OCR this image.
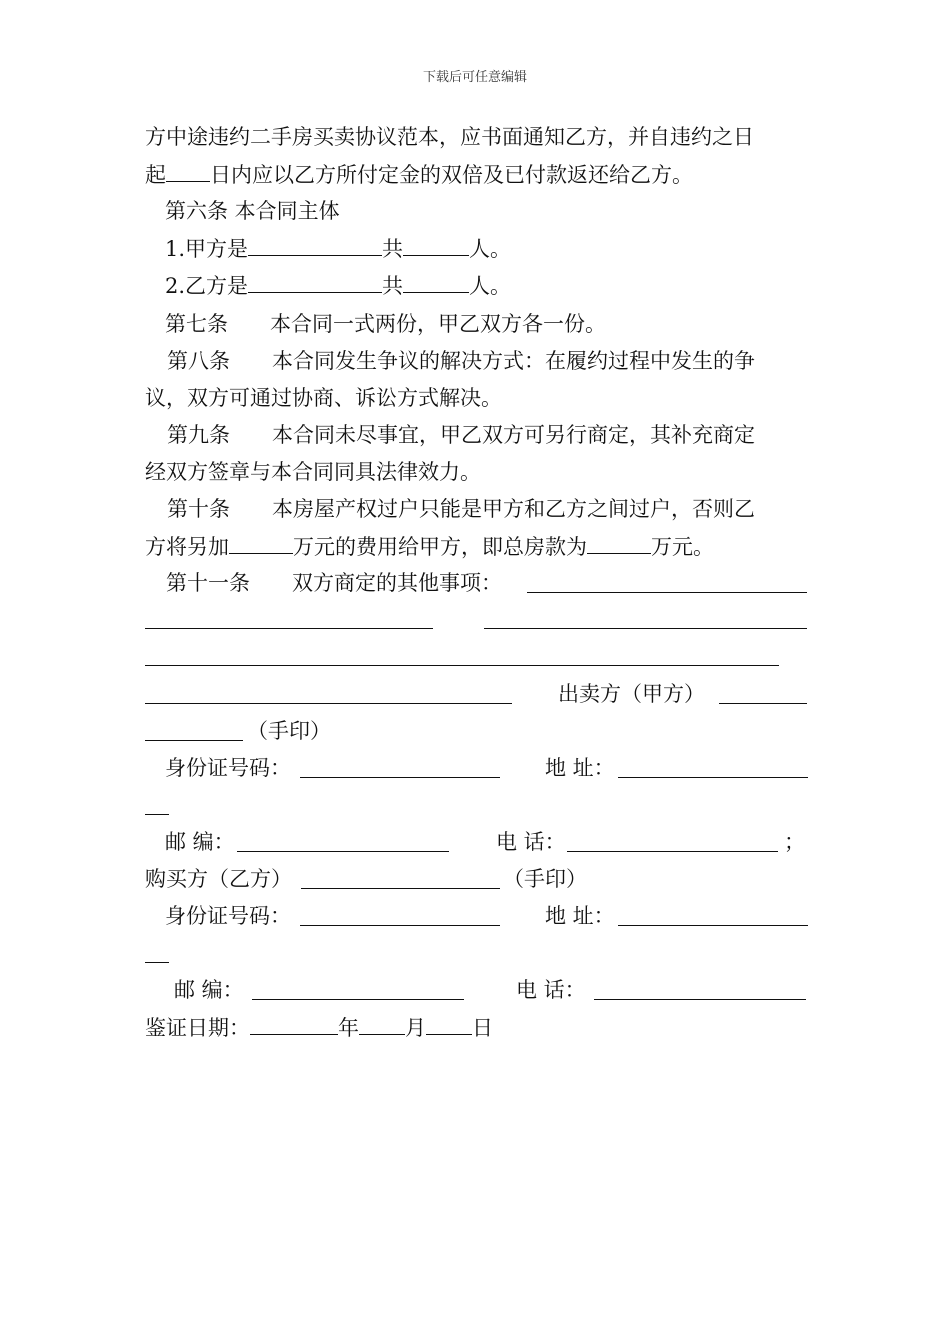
下载后可任意编辑
方中途违约二手房买卖协议范本，应书面通知乙方，并自违约之日
起 日内应以乙方所付定金的双倍及已付款返还给乙方。
第六条 本合同主体
1.甲方是	共	人。
2.乙方是	共	人。
第七条　　本合同一式两份，甲乙双方各一份。
第八条　　本合同发生争议的解决方式：在履约过程中发生的争
议，双方可通过协商、诉讼方式解决。
第九条　　本合同未尽事宜，甲乙双方可另行商定，其补充商定
经双方签章与本合同同具法律效力。
第十条　　本房屋产权过户只能是甲方和乙方之间过户，否则乙
方将另加	万元的费用给甲方，即总房款为	万元。
第十一条　　双方商定的其他事项：
出卖方（甲方）
（手印）
身份证号码：	地 址：
邮 编：	电 话：	；
购买方（乙方）	（手印）
身份证号码：	地 址：
邮 编：	电 话：
鉴证日期：	年 月 日
